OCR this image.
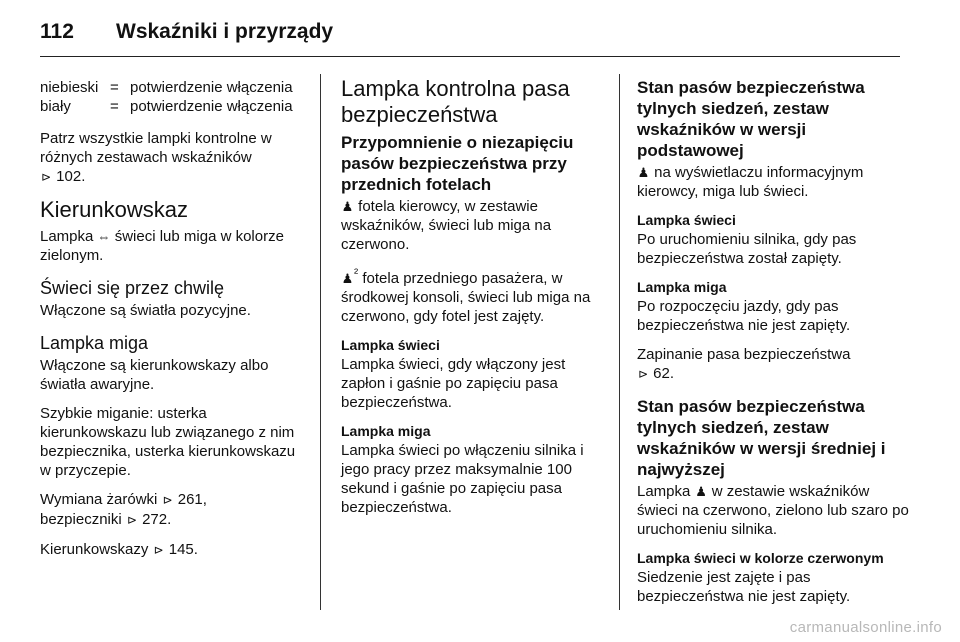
112 Wskaźniki i przyrządy
niebieski = potwierdzenie włączenia
biały	= potwierdzenie włączenia

Patrz wszystkie lampki kontrolne w różnych zestawach wskaźników
⊳ 102.

Kierunkowskaz

Lampka ⇔ świeci lub miga w kolorze zielonym.

Świeci się przez chwilę

Włączone są światła pozycyjne.

Lampka miga

Włączone są kierunkowskazy albo światła awaryjne.

Szybkie miganie: usterka kierunkowskazu lub związanego z nim bezpiecznika, usterka kierunkowskazu w przyczepie.

Wymiana żarówki ⊳ 261,
bezpieczniki ⊳ 272.

Kierunkowskazy ⊳ 145.

Lampka kontrolna pasa bezpieczeństwa
Przypomnienie o niezapięciu pasów bezpieczeństwa przy przednich fotelach

♟ fotela kierowcy, w zestawie wskaźników, świeci lub miga na czerwono.

♟$^{^2}$ fotela przedniego pasażera, w środkowej konsoli, świeci lub miga na czerwono, gdy fotel jest zajęty.

Lampka świeci

Lampka świeci, gdy włączony jest zapłon i gaśnie po zapięciu pasa bezpieczeństwa.

Lampka miga

Lampka świeci po włączeniu silnika i jego pracy przez maksymalnie 100 sekund i gaśnie po zapięciu pasa bezpieczeństwa.

Stan pasów bezpieczeństwa tylnych siedzeń, zestaw wskaźników w wersji podstawowej

♟ na wyświetlaczu informacyjnym kierowcy, miga lub świeci.

Lampka świeci

Po uruchomieniu silnika, gdy pas bezpieczeństwa został zapięty.

Lampka miga

Po rozpoczęciu jazdy, gdy pas bezpieczeństwa nie jest zapięty.

Zapinanie pasa bezpieczeństwa
⊳ 62.

Stan pasów bezpieczeństwa tylnych siedzeń, zestaw wskaźników w wersji średniej i najwyższej

Lampka ♟ w zestawie wskaźników świeci na czerwono, zielono lub szaro po uruchomieniu silnika.

Lampka świeci w kolorze czerwonym

Siedzenie jest zajęte i pas bezpieczeństwa nie jest zapięty.

carmanualsonline.info
